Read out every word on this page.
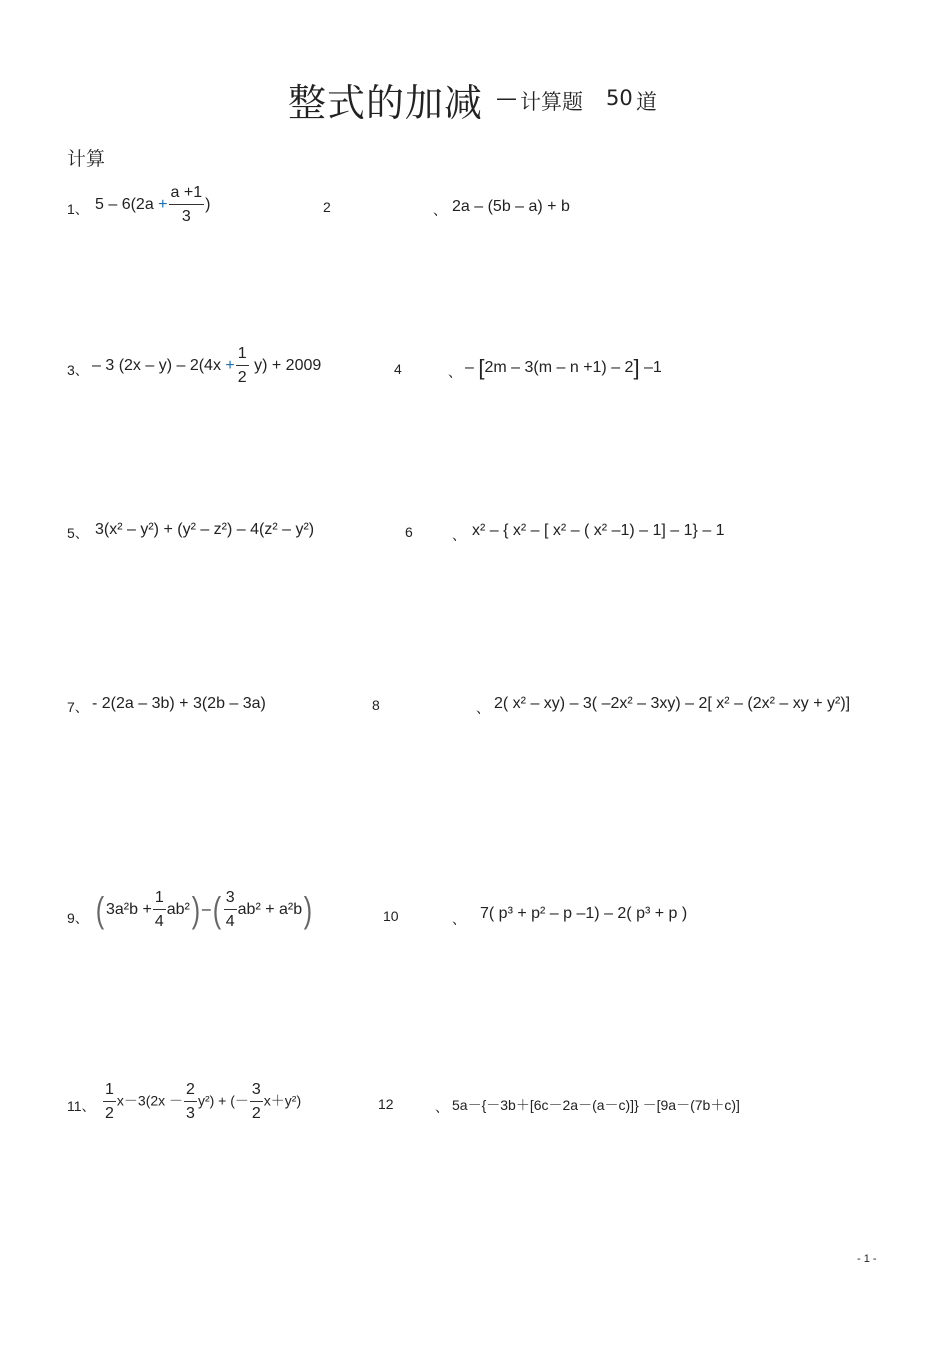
整式的加减 — 计算题 50 道
计算
1、 $5 - 6(2a + \frac{a +1}{3}$ )	2	、 2a – (5b – a) + b
3、 – 3 $(2x - y) - 2(4x + \frac{1}{2} y) + 2009$	4	、 – [2m – 3(m – n +1) – 2] –1
5、 3(x² – y²) + (y² – z²) – 4(z² – y²)	6	、 x² – { x² – [ x² – ( x² –1) – 1] – 1} – 1
7、 - 2(2a – 3b) + 3(2b – 3a)	8	、 2( x² – xy) – 3( –2x² – 3xy) – 2[ x² – (2x² – xy + y²)]
9、 ( $3a^2b + \frac{1}{4} ab^2$) –( $\frac{3}{4} ab^2 + a^2b$)	10	、 7( p³ + p² – p –1) – 2( p³ + p )
11、 $\frac{1}{2} x-3(2x - \frac{2}{3} y^2)$ + (－ $\frac{3}{2} x+y^2$)	12	、 5a－{－3b＋[6c－2a－(a－c)]} －[9a－(7b＋c)]
- 1 -
